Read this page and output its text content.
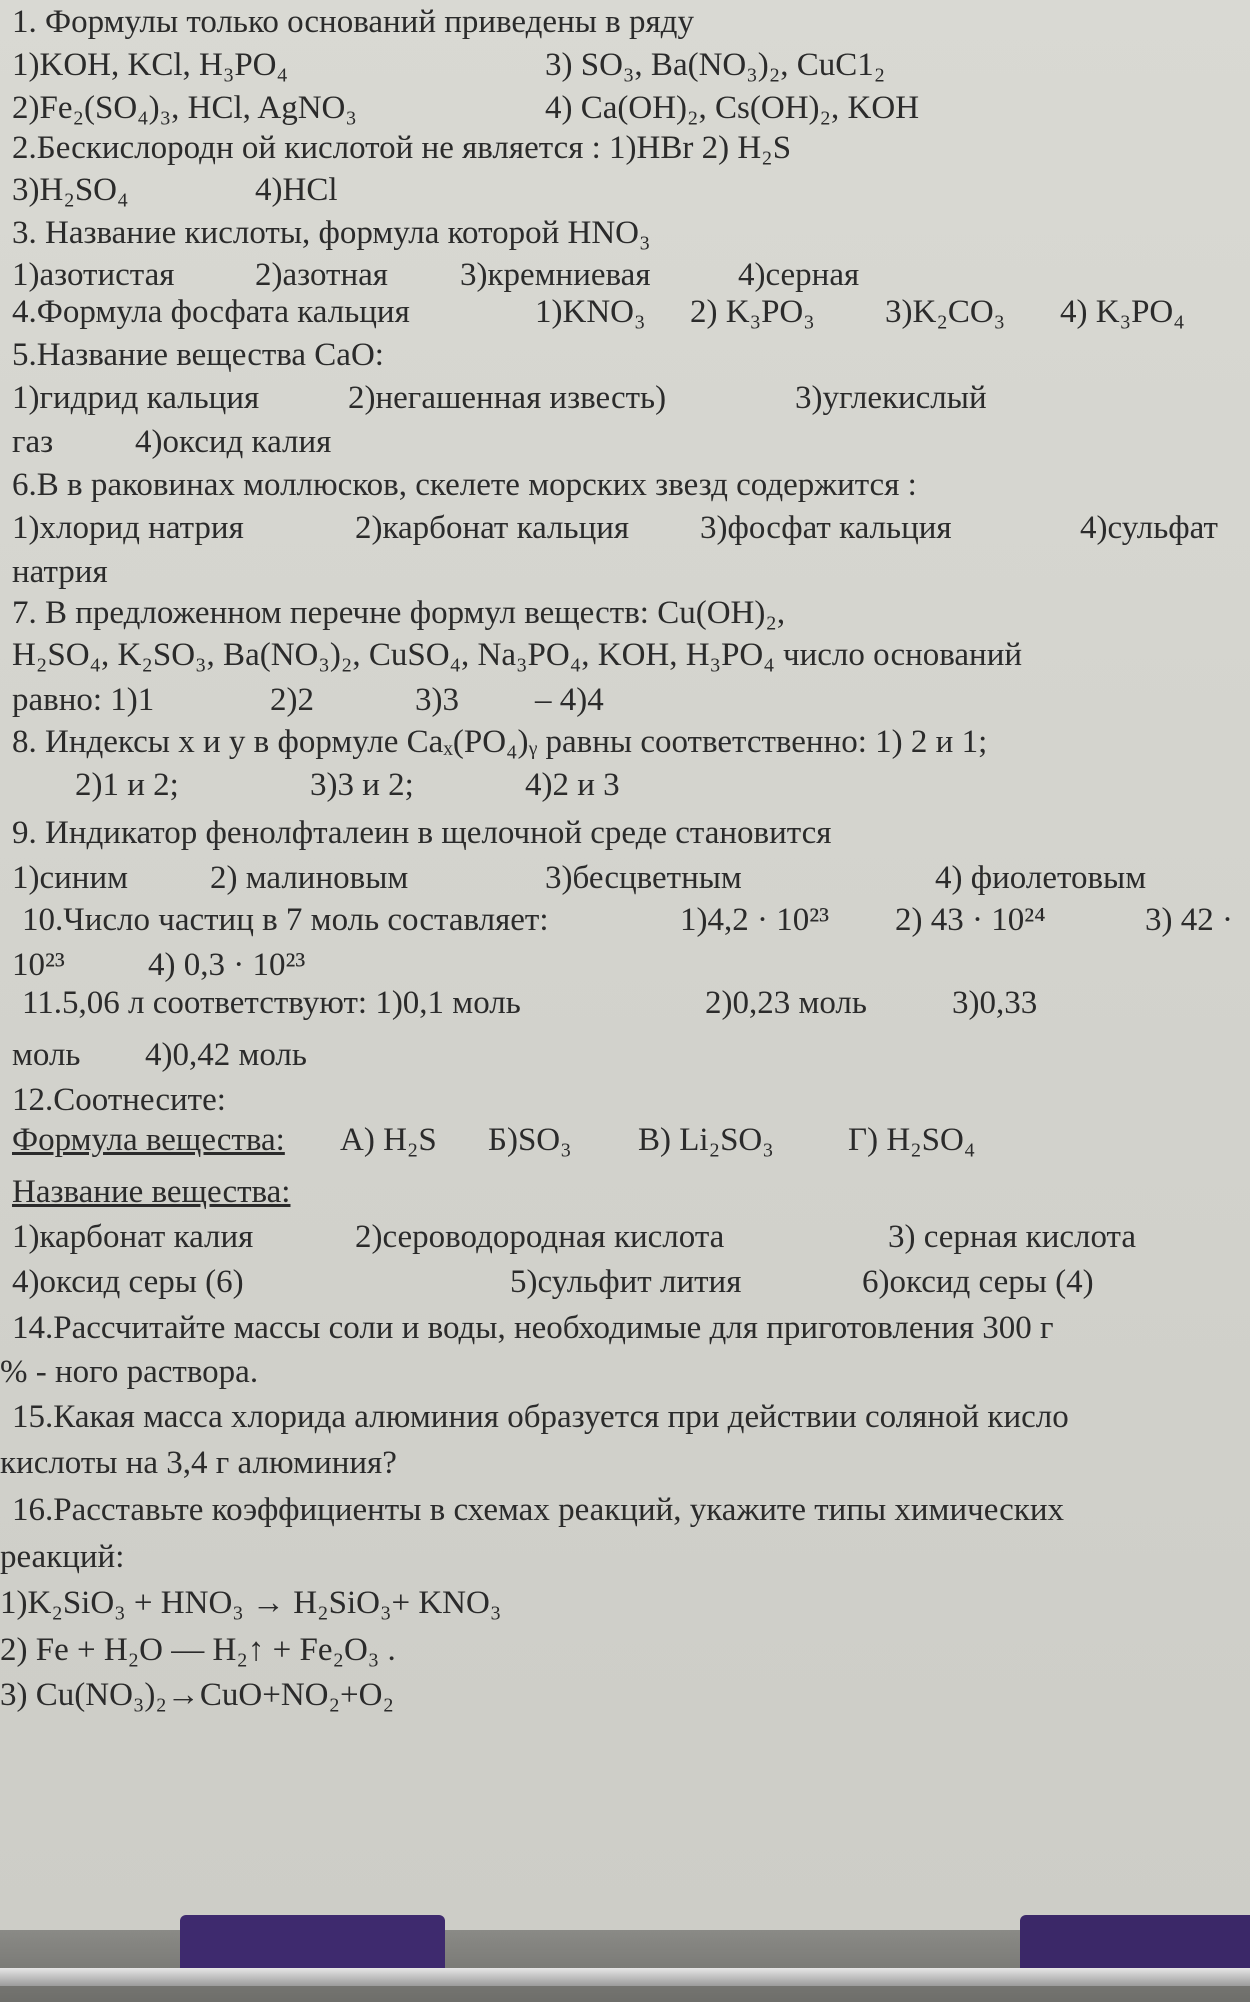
1. Формулы только оснований приведены в ряду
1)KOH, KCl, H₃PO₄	3) SO₃, Ba(NO₃)₂, CuC1₂
2)Fe₂(SO₄)₃, HCl, AgNO₃	4) Ca(OH)₂, Cs(OH)₂, KOH
2.Бескислородн ой кислотой не является : 1)HBr 2) H₂S
3)H₂SO₄	4)HCl
3. Название кислоты, формула которой HNO₃
1)азотистая 2)азотная 3)кремниевая	4)серная
4.Формула фосфата кальция	1)KNO₃ 2) K₃PO₃ 3)K₂CO₃ 4) K₃PO₄
5.Название вещества CaO:
1)гидрид кальция	2)негашенная известь)	3)углекислый
газ 4)оксид калия
6.В в раковинах моллюсков, скелете морских звезд содержится :
1)хлорид натрия	2)карбонат кальция 3)фосфат кальция	4)сульфат
натрия
7. В предложенном перечне формул веществ: Cu(OH)₂,
H₂SO₄, K₂SO₃, Ba(NO₃)₂, CuSO₄, Na₃PO₄, KOH, H₃PO₄ число оснований
равно: 1)1	2)2	3)3 – 4)4
8. Индексы х и у в формуле Caₓ(PO₄)ᵧ равны соответственно: 1) 2 и 1;
2)1 и 2;	3)3 и 2;	4)2 и 3
9. Индикатор фенолфталеин в щелочной среде становится
1)синим 2) малиновым	3)бесцветным	4) фиолетовым
10.Число частиц в 7 моль составляет:	1)4,2 · 10²³ 2) 43 · 10²⁴	3) 42 ·
10²³	4) 0,3 · 10²³
11.5,06 л соответствуют: 1)0,1 моль	2)0,23 моль	3)0,33
моль 4)0,42 моль
12.Соотнесите:
Формула вещества: А) H₂S Б)SO₃ В) Li₂SO₃ Г) H₂SO₄
Название вещества:
1)карбонат калия	2)сероводородная кислота	3) серная кислота
4)оксид серы (6)	5)сульфит лития	6)оксид серы (4)
14.Рассчитайте массы соли и воды, необходимые для приготовления 300 г
% - ного раствора.
15.Какая масса хлорида алюминия образуется при действии соляной кисло
кислоты на 3,4 г алюминия?
16.Расставьте коэффициенты в схемах реакций, укажите типы химических
реакций:
1)K₂SiO₃ + HNO₃ → H₂SiO₃+ KNO₃
2) Fe + H₂O — H₂↑ + Fe₂O₃ .
3) Cu(NO₃)₂→CuO+NO₂+O₂
